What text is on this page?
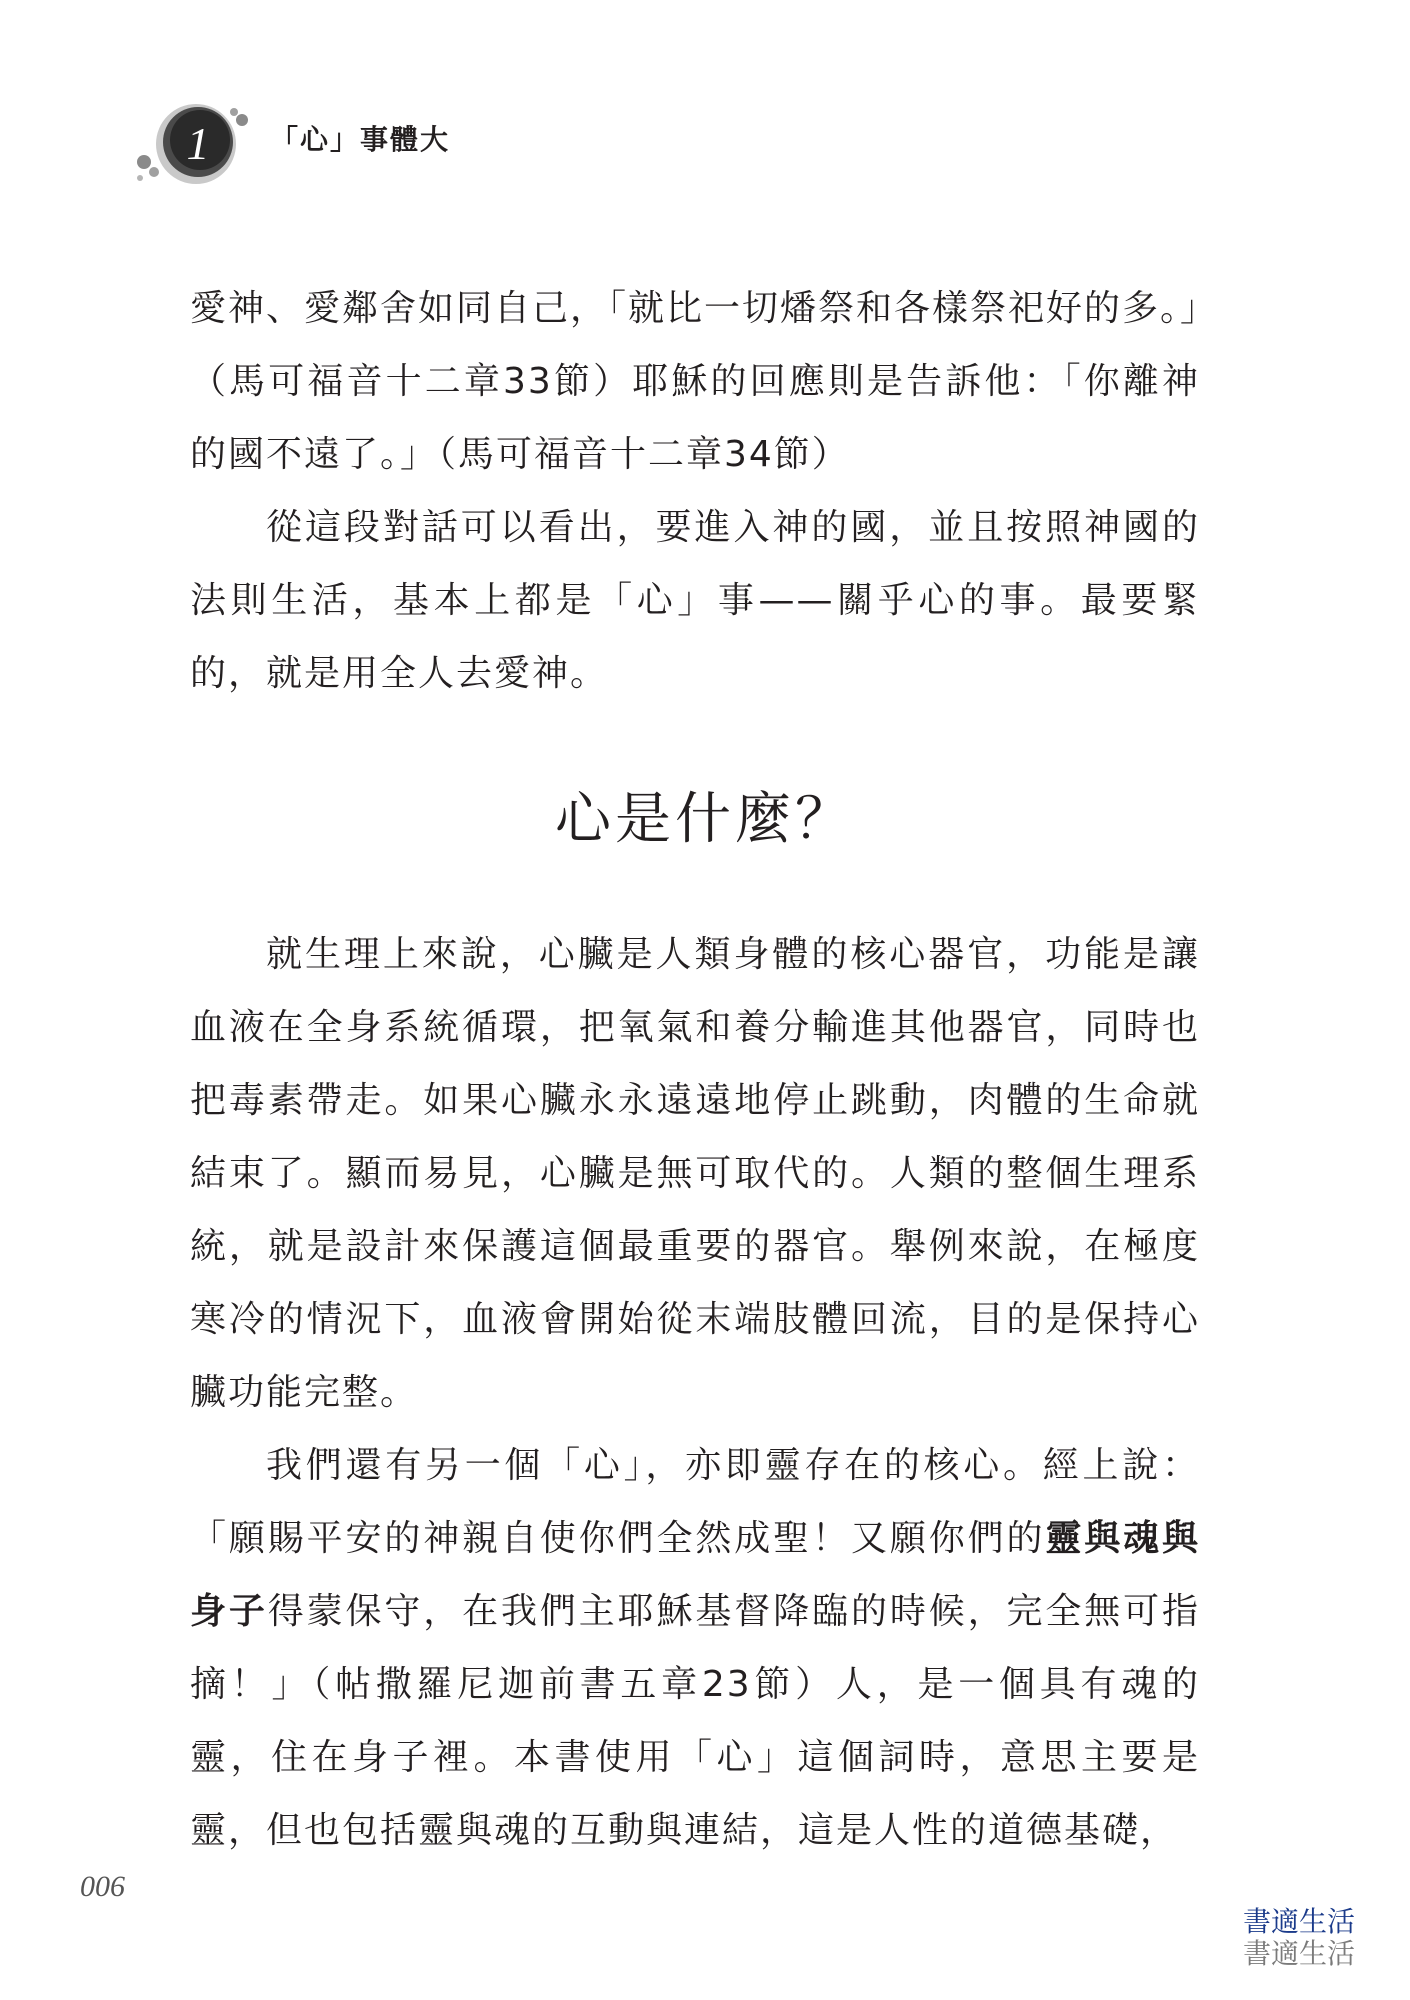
1	「心」事體大

愛神、愛鄰舍如同自己，「就比一切燔祭和各樣祭祀好的多。」（馬可福音十二章33節）耶穌的回應則是告訴他：「你離神的國不遠了。」（馬可福音十二章34節）

從這段對話可以看出，要進入神的國，並且按照神國的法則生活，基本上都是「心」事——關乎心的事。最要緊的，就是用全人去愛神。

心是什麼？

就生理上來說，心臟是人類身體的核心器官，功能是讓血液在全身系統循環，把氧氣和養分輸進其他器官，同時也把毒素帶走。如果心臟永永遠遠地停止跳動，肉體的生命就結束了。顯而易見，心臟是無可取代的。人類的整個生理系統，就是設計來保護這個最重要的器官。舉例來說，在極度寒冷的情況下，血液會開始從末端肢體回流，目的是保持心臟功能完整。

我們還有另一個「心」，亦即靈存在的核心。經上說：「願賜平安的神親自使你們全然成聖！又願你們的靈與魂與身子得蒙保守，在我們主耶穌基督降臨的時候，完全無可指摘！」（帖撒羅尼迦前書五章23節）人，是一個具有魂的靈，住在身子裡。本書使用「心」這個詞時，意思主要是靈，但也包括靈與魂的互動與連結，這是人性的道德基礎，

006
書適生活
書適生活
